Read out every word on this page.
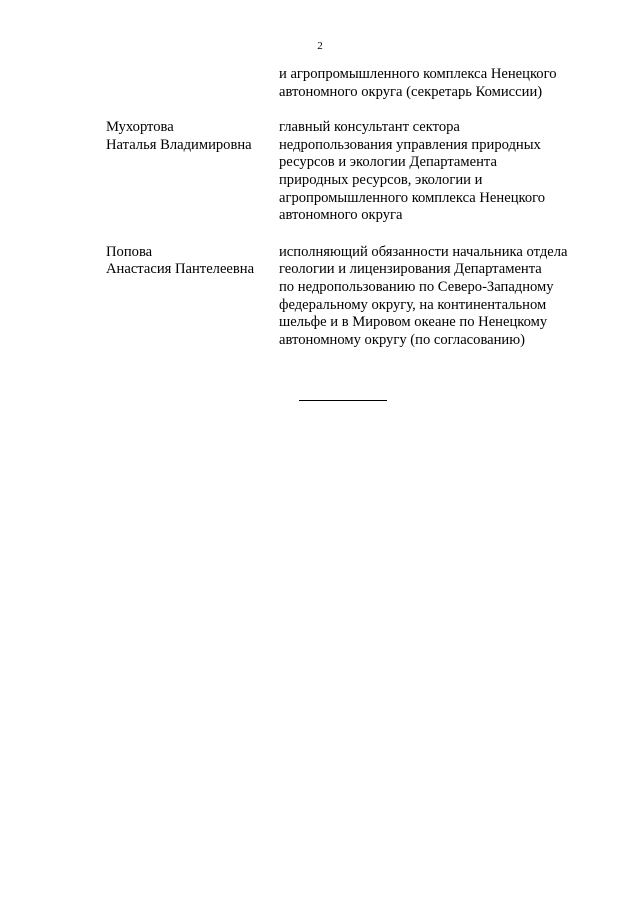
2
и агропромышленного комплекса Ненецкого
автономного округа (секретарь Комиссии)
Мухортова
Наталья Владимировна
главный консультант сектора
недропользования управления природных
ресурсов и экологии Департамента
природных ресурсов, экологии и
агропромышленного комплекса Ненецкого
автономного округа
Попова
Анастасия Пантелеевна
исполняющий обязанности начальника отдела
геологии и лицензирования Департамента
по недропользованию по Северо-Западному
федеральному округу, на континентальном
шельфе и в Мировом океане по Ненецкому
автономному округу (по согласованию)
